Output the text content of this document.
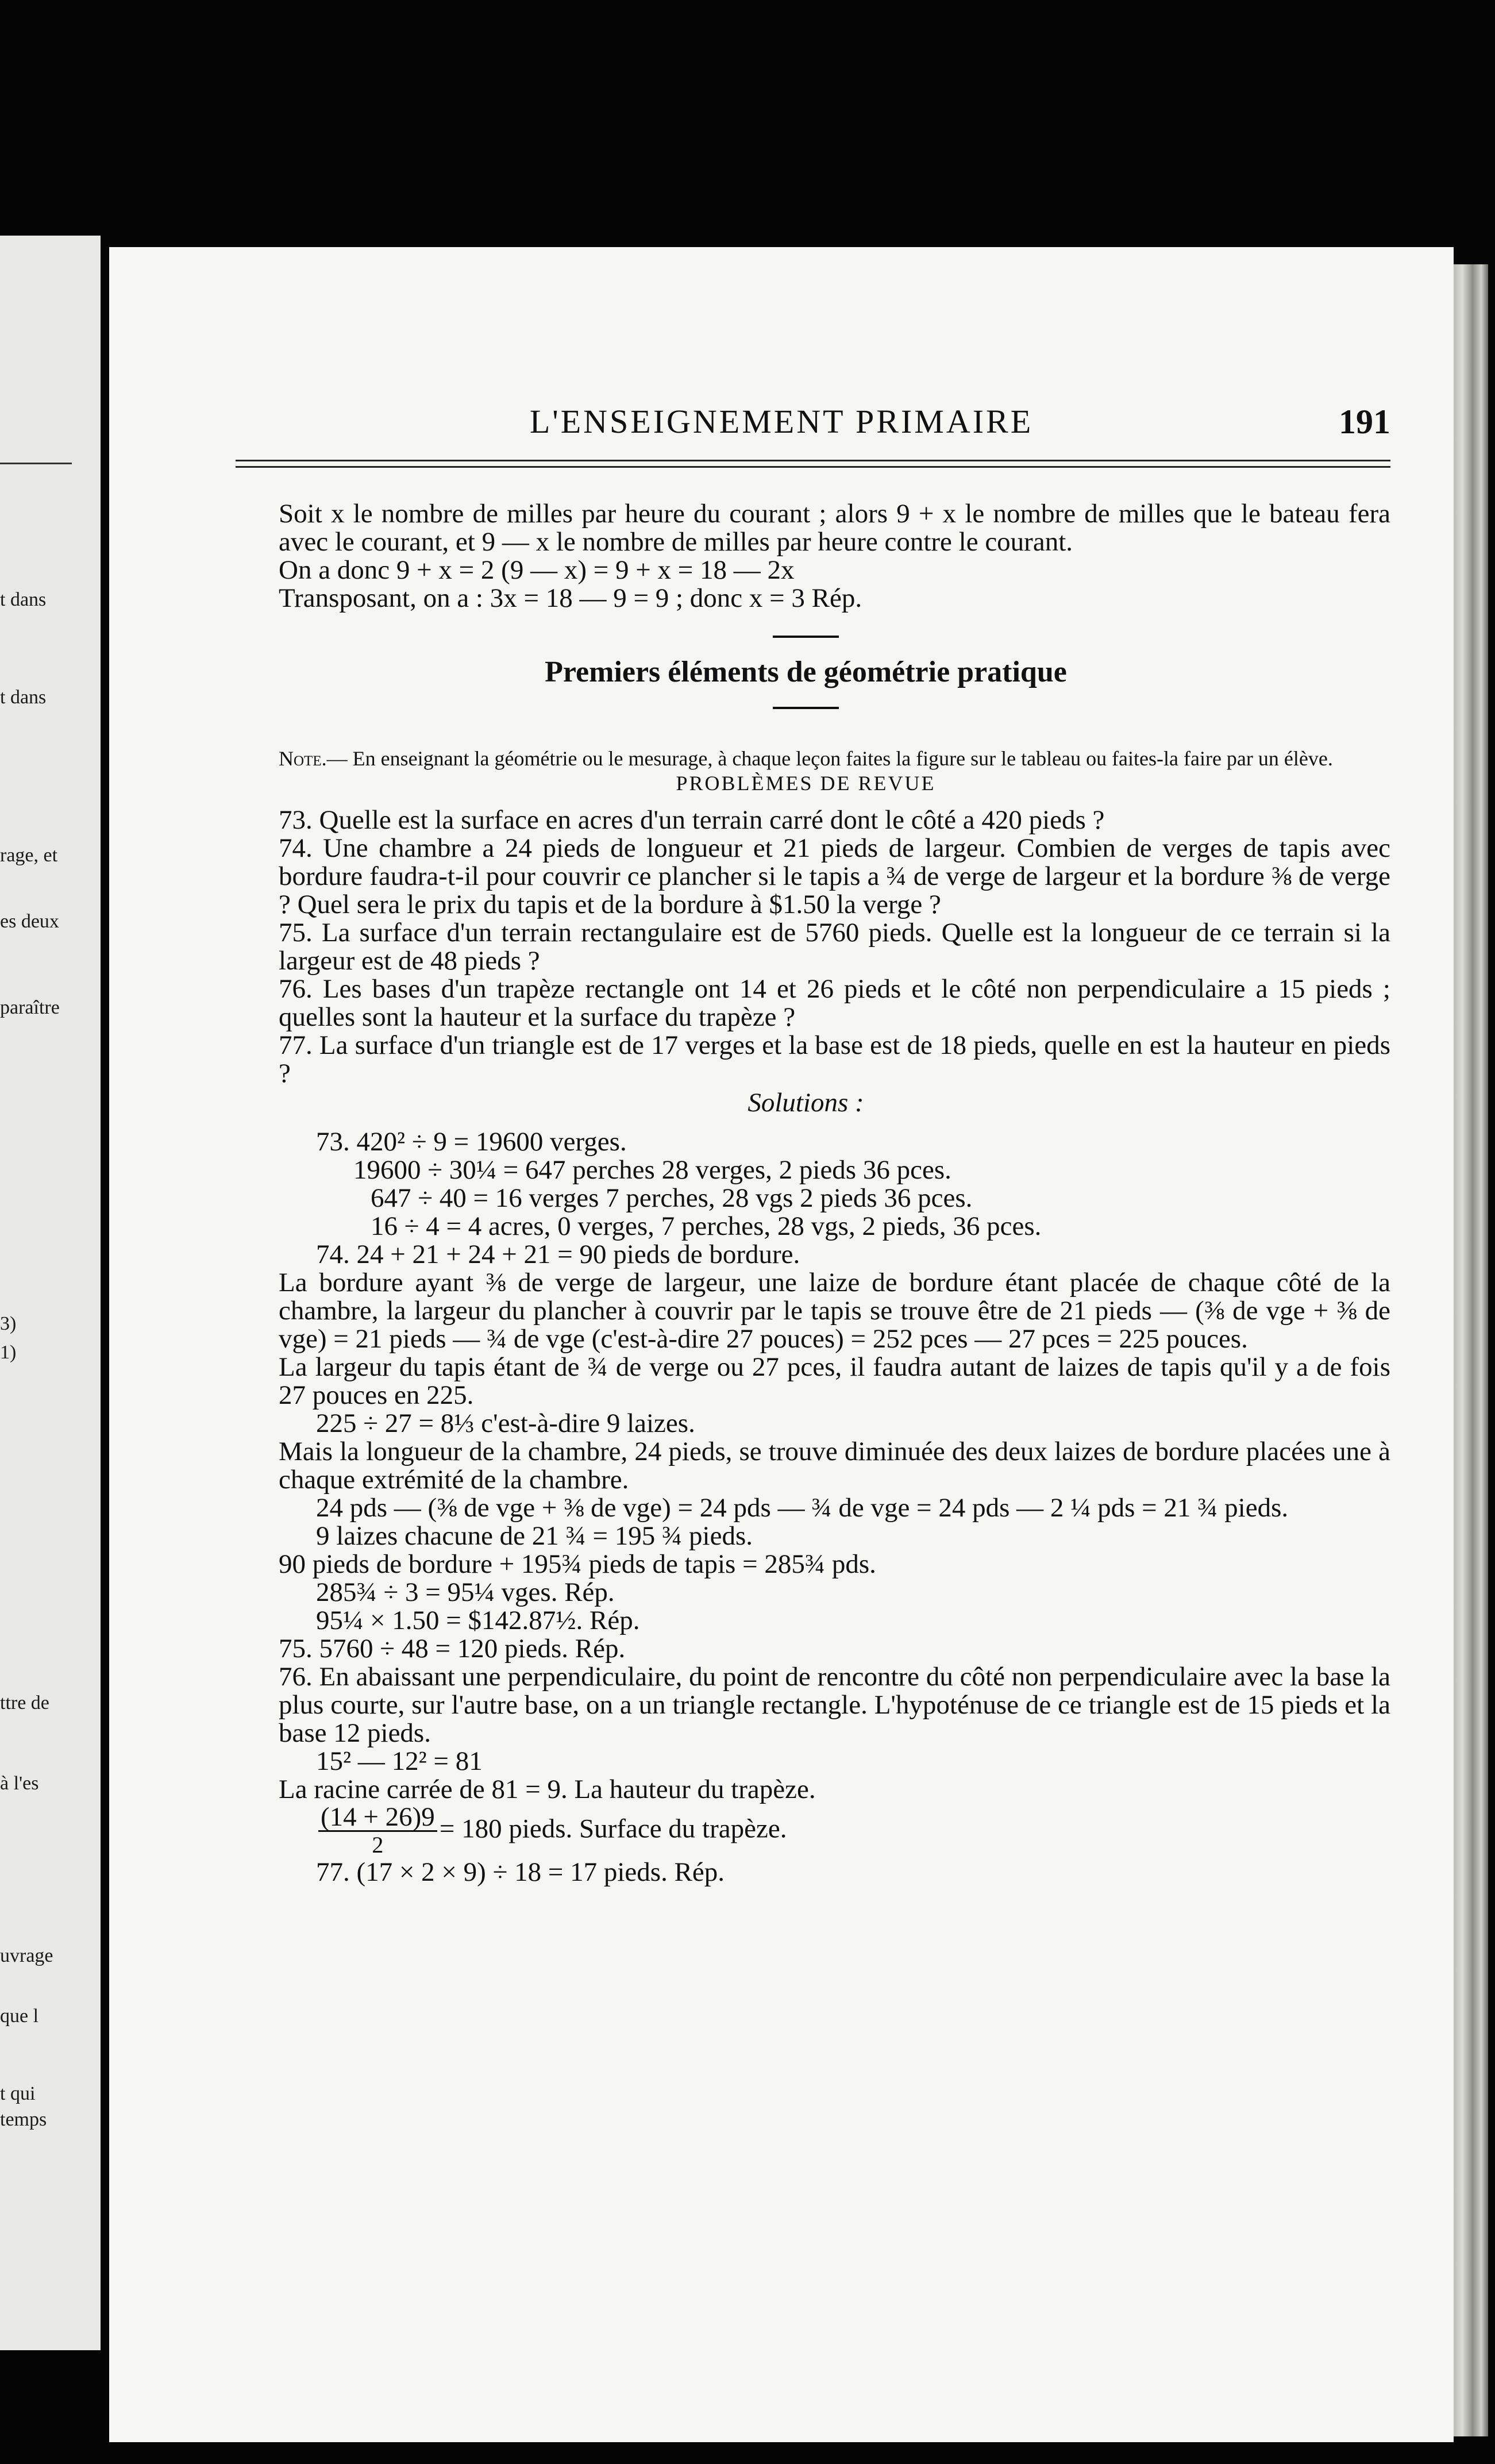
t dans
t dans
rage, et
es deux
paraître
3)
1)
ttre de
à l'es
uvrage
que l
t qui
temps
L'ENSEIGNEMENT PRIMAIRE	191

Soit x le nombre de milles par heure du courant ; alors 9 + x le nombre de milles que le bateau fera avec le courant, et 9 — x le nombre de milles par heure contre le courant.

On a donc 9 + x = 2 (9 — x) = 9 + x = 18 — 2x

Transposant, on a : 3x = 18 — 9 = 9 ; donc x = 3 Rép.

Premiers éléments de géométrie pratique

Note.— En enseignant la géométrie ou le mesurage, à chaque leçon faites la figure sur le tableau ou faites-la faire par un élève.

PROBLÈMES DE REVUE

73. Quelle est la surface en acres d'un terrain carré dont le côté a 420 pieds ?

74. Une chambre a 24 pieds de longueur et 21 pieds de largeur. Combien de verges de tapis avec bordure faudra-t-il pour couvrir ce plancher si le tapis a ¾ de verge de largeur et la bordure ⅜ de verge ? Quel sera le prix du tapis et de la bordure à $1.50 la verge ?

75. La surface d'un terrain rectangulaire est de 5760 pieds. Quelle est la longueur de ce terrain si la largeur est de 48 pieds ?

76. Les bases d'un trapèze rectangle ont 14 et 26 pieds et le côté non perpendiculaire a 15 pieds ; quelles sont la hauteur et la surface du trapèze ?

77. La surface d'un triangle est de 17 verges et la base est de 18 pieds, quelle en est la hauteur en pieds ?

Solutions :

73. 420² ÷ 9 = 19600 verges.

19600 ÷ 30¼ = 647 perches 28 verges, 2 pieds 36 pces.

647 ÷ 40 = 16 verges 7 perches, 28 vgs 2 pieds 36 pces.

16 ÷ 4 = 4 acres, 0 verges, 7 perches, 28 vgs, 2 pieds, 36 pces.

74. 24 + 21 + 24 + 21 = 90 pieds de bordure.

La bordure ayant ⅜ de verge de largeur, une laize de bordure étant placée de chaque côté de la chambre, la largeur du plancher à couvrir par le tapis se trouve être de 21 pieds — (⅜ de vge + ⅜ de vge) = 21 pieds — ¾ de vge (c'est-à-dire 27 pouces) = 252 pces — 27 pces = 225 pouces.

La largeur du tapis étant de ¾ de verge ou 27 pces, il faudra autant de laizes de tapis qu'il y a de fois 27 pouces en 225.

225 ÷ 27 = 8⅓ c'est-à-dire 9 laizes.

Mais la longueur de la chambre, 24 pieds, se trouve diminuée des deux laizes de bordure placées une à chaque extrémité de la chambre.

24 pds — (⅜ de vge + ⅜ de vge) = 24 pds — ¾ de vge = 24 pds — 2 ¼ pds = 21 ¾ pieds.

9 laizes chacune de 21 ¾ = 195 ¾ pieds.

90 pieds de bordure + 195¾ pieds de tapis = 285¾ pds.

285¾ ÷ 3 = 95¼ vges. Rép.

95¼ × 1.50 = $142.87½. Rép.

75. 5760 ÷ 48 = 120 pieds. Rép.

76. En abaissant une perpendiculaire, du point de rencontre du côté non perpendiculaire avec la base la plus courte, sur l'autre base, on a un triangle rectangle. L'hypoténuse de ce triangle est de 15 pieds et la base 12 pieds.

15² — 12² = 81

La racine carrée de 81 = 9. La hauteur du trapèze.

$\frac{(14 + 26)9}{2} = 180$ pieds. Surface du trapèze.

77. (17 × 2 × 9) ÷ 18 = 17 pieds. Rép.
